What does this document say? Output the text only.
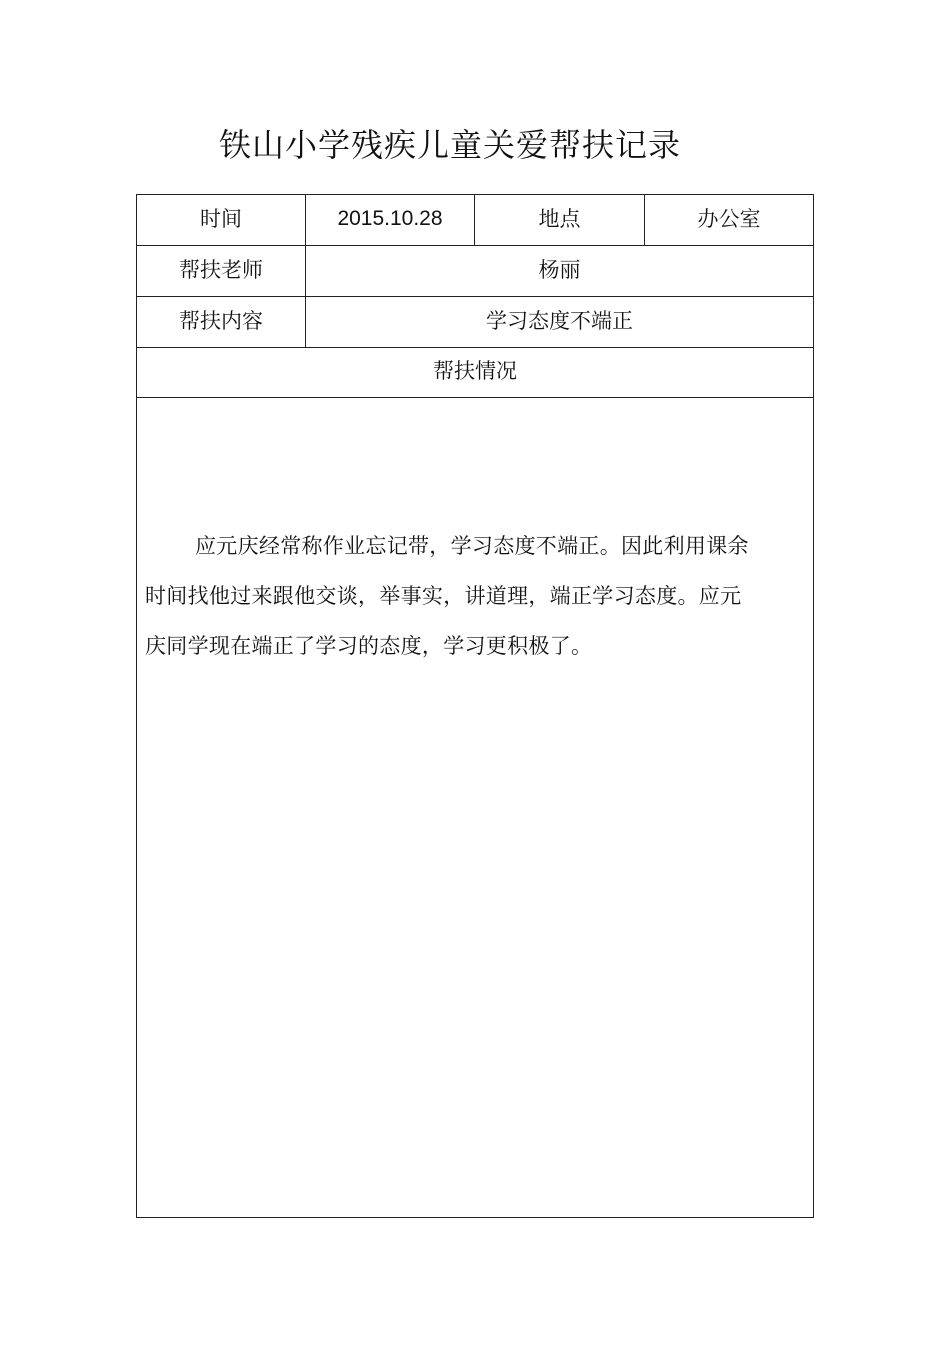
铁山小学残疾儿童关爱帮扶记录
时间	2015.10.28	地点	办公室
帮扶老师	杨丽
帮扶内容	学习态度不端正
帮扶情况
应元庆经常称作业忘记带，学习态度不端正。因此利用课余时间找他过来跟他交谈，举事实，讲道理，端正学习态度。应元庆同学现在端正了学习的态度，学习更积极了。
